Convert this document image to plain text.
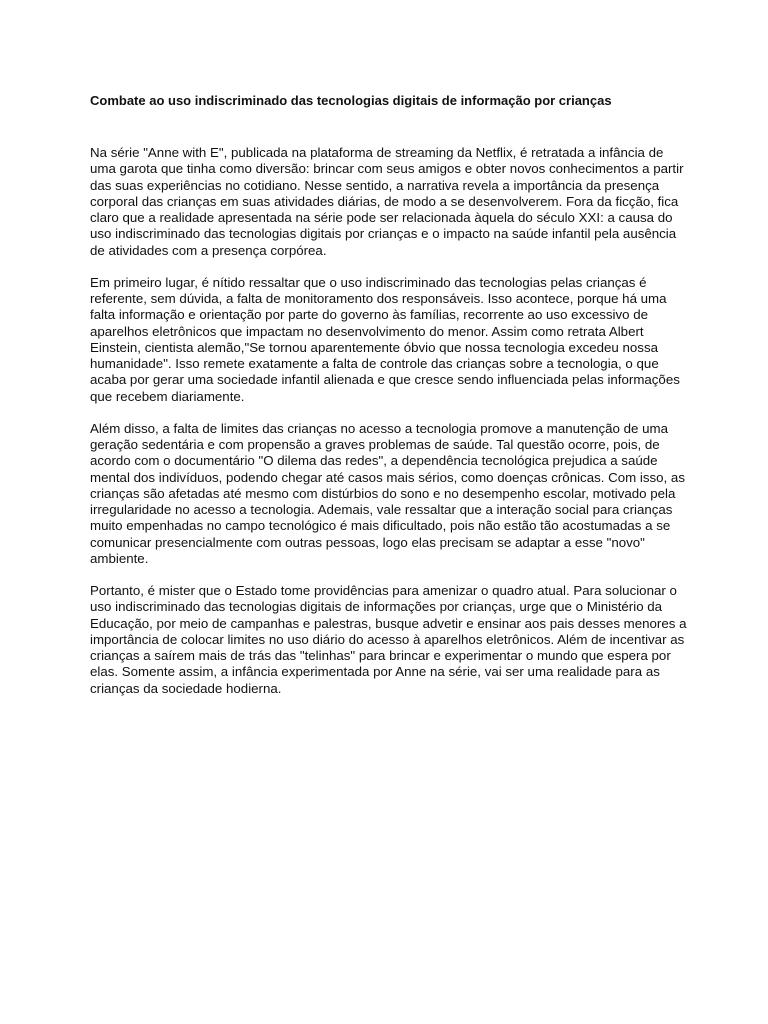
Combate ao uso indiscriminado das tecnologias digitais de informação por crianças

Na série "Anne with E", publicada na plataforma de streaming da Netflix, é retratada a infância de uma garota que tinha como diversão: brincar com seus amigos e obter novos conhecimentos a partir das suas experiências no cotidiano. Nesse sentido, a narrativa revela a importância da presença corporal das crianças em suas atividades diárias, de modo a se desenvolverem. Fora da ficção, fica claro que a realidade apresentada na série pode ser relacionada àquela do século XXI: a causa do uso indiscriminado das tecnologias digitais por crianças e o impacto na saúde infantil pela ausência de atividades com a presença corpórea.

Em primeiro lugar, é nítido ressaltar que o uso indiscriminado das tecnologias pelas crianças é referente, sem dúvida, a falta de monitoramento dos responsáveis. Isso acontece, porque há uma falta informação e orientação por parte do governo às famílias, recorrente ao uso excessivo de aparelhos eletrônicos que impactam no desenvolvimento do menor. Assim como retrata Albert Einstein, cientista alemão,"Se tornou aparentemente óbvio que nossa tecnologia excedeu nossa humanidade". Isso remete exatamente a falta de controle das crianças sobre a tecnologia, o que acaba por gerar uma sociedade infantil alienada e que cresce sendo influenciada pelas informações que recebem diariamente.

Além disso, a falta de limites das crianças no acesso a tecnologia promove a manutenção de uma geração sedentária e com propensão a graves problemas de saúde. Tal questão ocorre, pois, de acordo com o documentário "O dilema das redes", a dependência tecnológica prejudica a saúde mental dos indivíduos, podendo chegar até casos mais sérios, como doenças crônicas. Com isso, as crianças são afetadas até mesmo com distúrbios do sono e no desempenho escolar, motivado pela irregularidade no acesso a tecnologia. Ademais, vale ressaltar que a interação social para crianças muito empenhadas no campo tecnológico é mais dificultado, pois não estão tão acostumadas a se comunicar presencialmente com outras pessoas, logo elas precisam se adaptar a esse "novo" ambiente.

Portanto, é mister que o Estado tome providências para amenizar o quadro atual. Para solucionar o uso indiscriminado das tecnologias digitais de informações por crianças, urge que o Ministério da Educação, por meio de campanhas e palestras, busque advetir e ensinar aos pais desses menores a importância de colocar limites no uso diário do acesso à aparelhos eletrônicos. Além de incentivar as crianças a saírem mais de trás das "telinhas" para brincar e experimentar o mundo que espera por elas. Somente assim, a infância experimentada por Anne na série, vai ser uma realidade para as crianças da sociedade hodierna.
